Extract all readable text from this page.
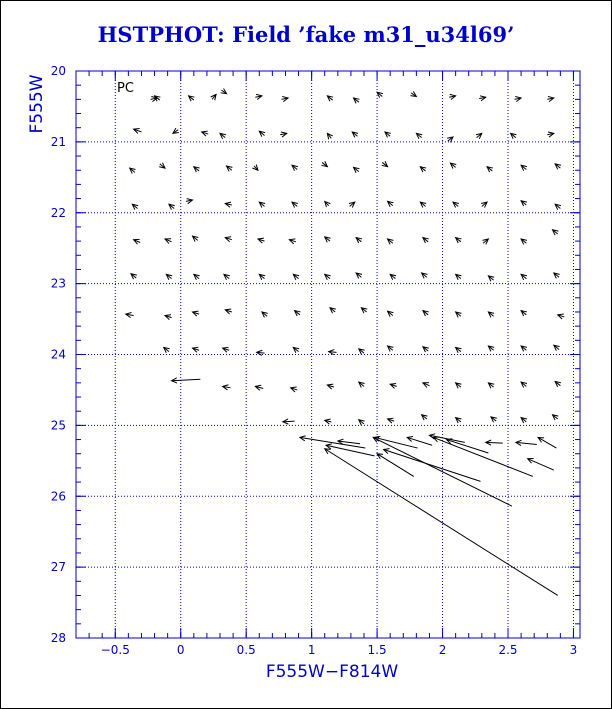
HSTPHOT: Field ’fake m31_u34l69’
−0.5	0	0.5	1	1.5	2	2.5	3
20
21
22
23
24
25
26
27
28
PC
F555W−F814W
F555W
